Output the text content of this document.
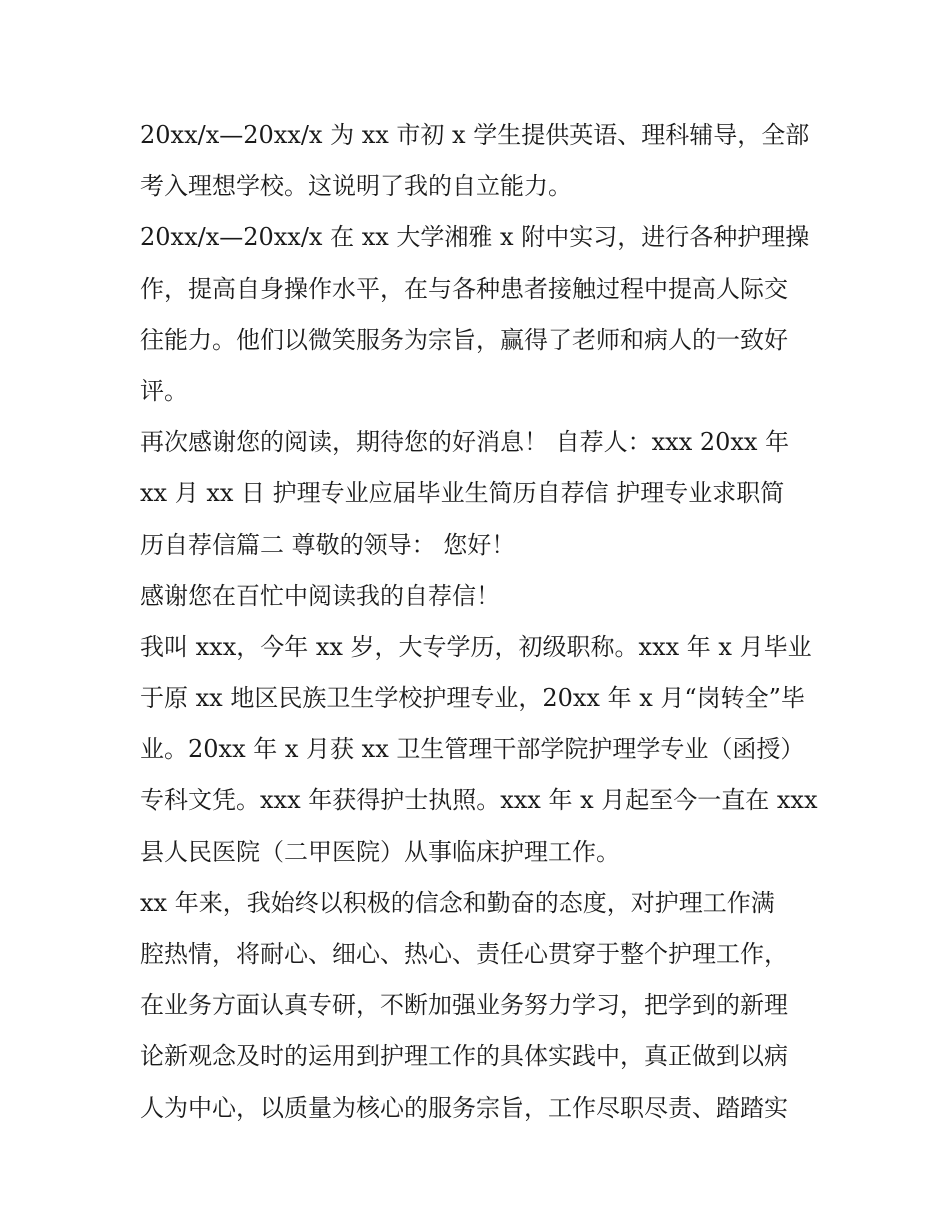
20xx/x—20xx/x 为 xx 市初 x 学生提供英语、理科辅导，全部
考入理想学校。这说明了我的自立能力。
20xx/x—20xx/x 在 xx 大学湘雅 x 附中实习，进行各种护理操
作，提高自身操作水平，在与各种患者接触过程中提高人际交
往能力。他们以微笑服务为宗旨，赢得了老师和病人的一致好
评。
再次感谢您的阅读，期待您的好消息！ 自荐人：xxx 20xx 年
xx 月 xx 日 护理专业应届毕业生简历自荐信 护理专业求职简
历自荐信篇二 尊敬的领导： 您好！
感谢您在百忙中阅读我的自荐信！
我叫 xxx，今年 xx 岁，大专学历，初级职称。xxx 年 x 月毕业
于原 xx 地区民族卫生学校护理专业，20xx 年 x 月“岗转全”毕
业。20xx 年 x 月获 xx 卫生管理干部学院护理学专业（函授）
专科文凭。xxx 年获得护士执照。xxx 年 x 月起至今一直在 xxx
县人民医院（二甲医院）从事临床护理工作。
xx 年来，我始终以积极的信念和勤奋的态度，对护理工作满
腔热情，将耐心、细心、热心、责任心贯穿于整个护理工作，
在业务方面认真专研，不断加强业务努力学习，把学到的新理
论新观念及时的运用到护理工作的具体实践中，真正做到以病
人为中心，以质量为核心的服务宗旨，工作尽职尽责、踏踏实
